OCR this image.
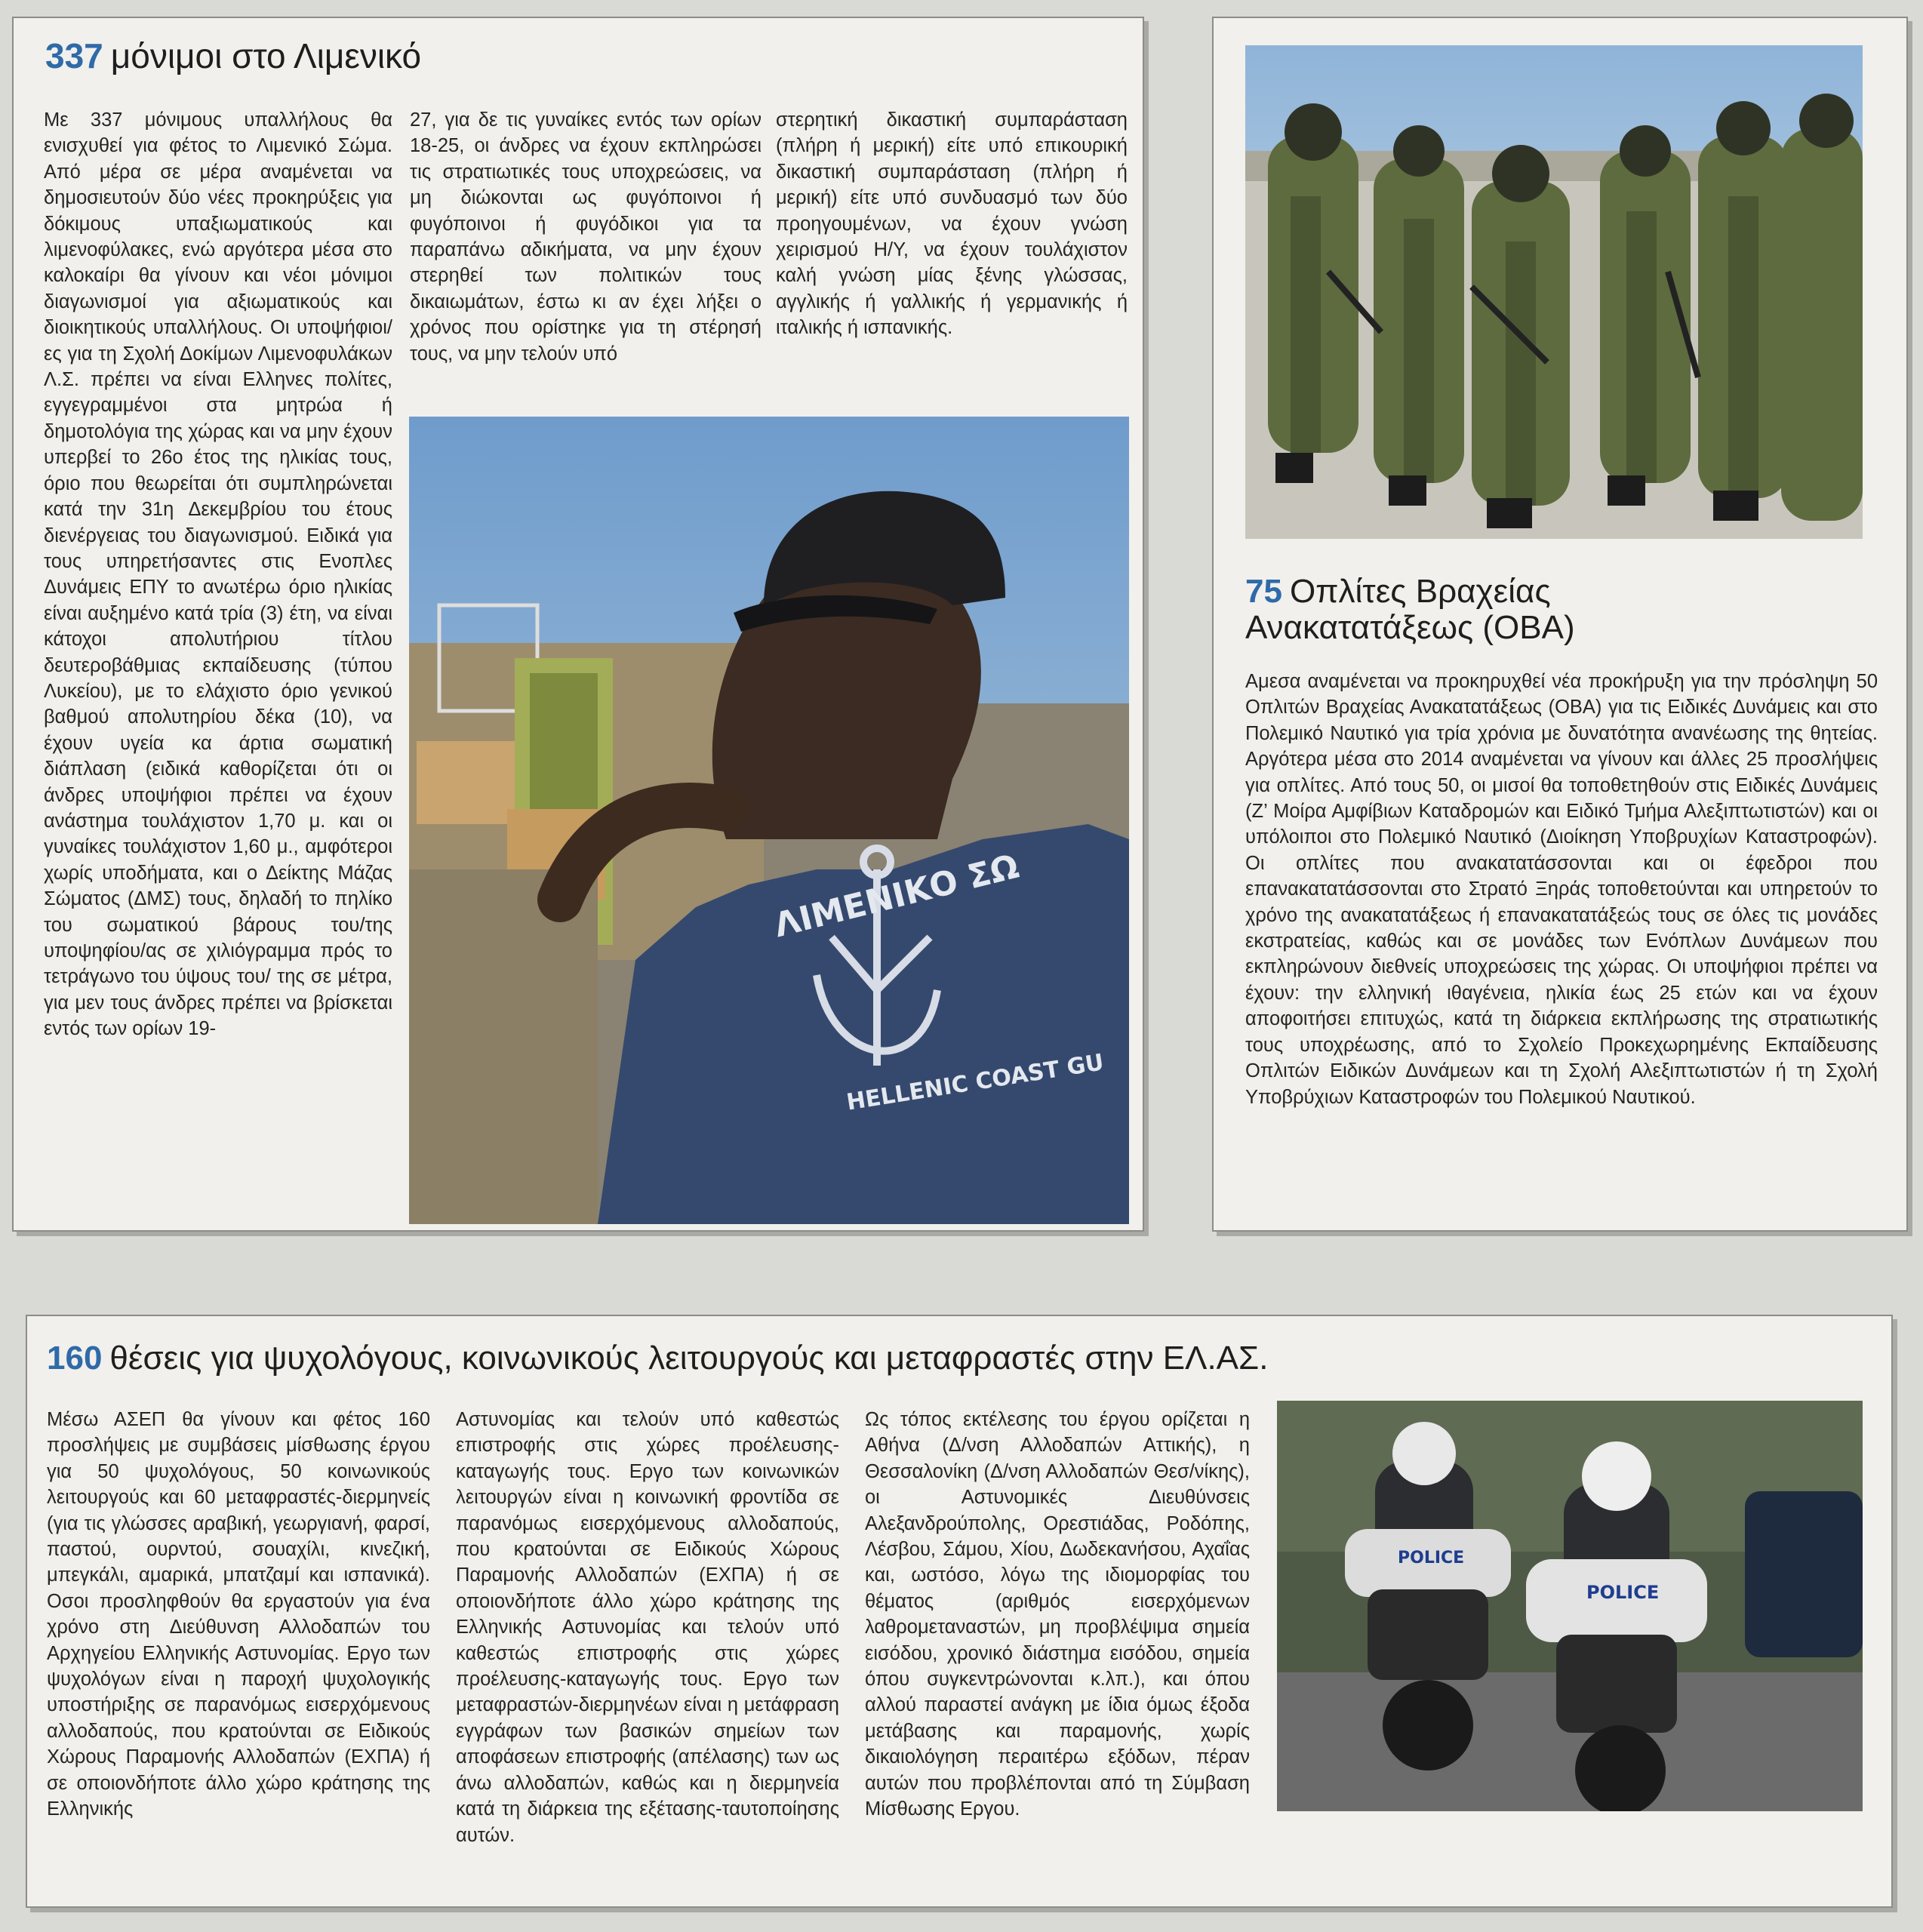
337 μόνιμοι στο Λιμενικό

Με 337 μόνιμους υπαλλήλους θα ενισχυθεί για φέτος το Λιμενικό Σώμα. Από μέρα σε μέρα αναμένεται να δημοσιευτούν δύο νέες προκηρύξεις για δόκιμους υπαξιωματικούς και λιμενοφύλακες, ενώ αργότερα μέσα στο καλοκαίρι θα γίνουν και νέοι μόνιμοι διαγωνισμοί για αξιωματικούς και διοικητικούς υπαλλήλους. Οι υποψήφιοι/ες για τη Σχολή Δοκίμων Λιμενοφυλάκων Λ.Σ. πρέπει να είναι Ελληνες πολίτες, εγγεγραμμένοι στα μητρώα ή δημοτολόγια της χώρας και να μην έχουν υπερβεί το 26ο έτος της ηλικίας τους, όριο που θεωρείται ότι συμπληρώνεται κατά την 31η Δεκεμβρίου του έτους διενέργειας του διαγωνισμού. Ειδικά για τους υπηρετήσαντες στις Ενοπλες Δυνάμεις ΕΠΥ το ανωτέρω όριο ηλικίας είναι αυξημένο κατά τρία (3) έτη, να είναι κάτοχοι απολυτήριου τίτλου δευτεροβάθμιας εκπαίδευσης (τύπου Λυκείου), με το ελάχιστο όριο γενικού βαθμού απολυτηρίου δέκα (10), να έχουν υγεία κα άρτια σωματική διάπλαση (ειδικά καθορίζεται ότι οι άνδρες υποψήφιοι πρέπει να έχουν ανάστημα τουλάχιστον 1,70 μ. και οι γυναίκες τουλάχιστον 1,60 μ., αμφότεροι χωρίς υποδήματα, και ο Δείκτης Μάζας Σώματος (ΔΜΣ) τους, δηλαδή το πηλίκο του σωματικού βάρους του/της υποψηφίου/ας σε χιλιόγραμμα πρός το τετράγωνο του ύψους του/ της σε μέτρα, για μεν τους άνδρες πρέπει να βρίσκεται εντός των ορίων 19-

27, για δε τις γυναίκες εντός των ορίων 18-25, οι άνδρες να έχουν εκπληρώσει τις στρατιωτικές τους υποχρεώσεις, να μη διώκονται ως φυγόποινοι ή φυγόποινοι ή φυγόδικοι για τα παραπάνω αδικήματα, να μην έχουν στερηθεί των πολιτικών τους δικαιωμάτων, έστω κι αν έχει λήξει ο χρόνος που ορίστηκε για τη στέρησή τους, να μην τελούν υπό

στερητική δικαστική συμπαράσταση (πλήρη ή μερική) είτε υπό επικουρική δικαστική συμπαράσταση (πλήρη ή μερική) είτε υπό συνδυασμό των δύο προηγουμένων, να έχουν γνώση χειρισμού Η/Υ, να έχουν τουλάχιστον καλή γνώση μίας ξένης γλώσσας, αγγλικής ή γαλλικής ή γερμανικής ή ιταλικής ή ισπανικής.

ΛΙΜΕΝΙΚΟ ΣΩ
HELLENIC COAST GU
75 Οπλίτες Βραχείας
Ανακατατάξεως (ΟΒΑ)

Αμεσα αναμένεται να προκηρυχθεί νέα προκήρυξη για την πρόσληψη 50 Οπλιτών Βραχείας Ανακατατάξεως (ΟΒΑ) για τις Ειδικές Δυνάμεις και στο Πολεμικό Ναυτικό για τρία χρόνια με δυνατότητα ανανέωσης της θητείας. Αργότερα μέσα στο 2014 αναμένεται να γίνουν και άλλες 25 προσλήψεις για οπλίτες. Από τους 50, οι μισοί θα τοποθετηθούν στις Ειδικές Δυνάμεις (Ζ’ Μοίρα Αμφίβιων Καταδρομών και Ειδικό Τμήμα Αλεξιπτωτιστών) και οι υπόλοιποι στο Πολεμικό Ναυτικό (Διοίκηση Υποβρυχίων Καταστροφών). Οι οπλίτες που ανακατατάσσονται και οι έφεδροι που επανακατατάσσονται στο Στρατό Ξηράς τοποθετούνται και υπηρετούν το χρόνο της ανακατατάξεως ή επανακατατάξεώς τους σε όλες τις μονάδες εκστρατείας, καθώς και σε μονάδες των Ενόπλων Δυνάμεων που εκπληρώνουν διεθνείς υποχρεώσεις της χώρας. Οι υποψήφιοι πρέπει να έχουν: την ελληνική ιθαγένεια, ηλικία έως 25 ετών και να έχουν αποφοιτήσει επιτυχώς, κατά τη διάρκεια εκπλήρωσης της στρατιωτικής τους υποχρέωσης, από το Σχολείο Προκεχωρημένης Εκπαίδευσης Οπλιτών Ειδικών Δυνάμεων και τη Σχολή Αλεξιπτωτιστών ή τη Σχολή Υποβρύχιων Καταστροφών του Πολεμικού Ναυτικού.

160 θέσεις για ψυχολόγους, κοινωνικούς λειτουργούς και μεταφραστές στην ΕΛ.ΑΣ.

Μέσω ΑΣΕΠ θα γίνουν και φέτος 160 προσλήψεις με συμβάσεις μίσθωσης έργου για 50 ψυχολόγους, 50 κοινωνικούς λειτουργούς και 60 μεταφραστές-διερμηνείς (για τις γλώσσες αραβική, γεωργιανή, φαρσί, παστού, ουρντού, σουαχίλι, κινεζική, μπεγκάλι, αμαρικά, μπατζαμί και ισπανικά). Οσοι προσληφθούν θα εργαστούν για ένα χρόνο στη Διεύθυνση Αλλοδαπών του Αρχηγείου Ελληνικής Αστυνομίας. Εργο των ψυχολόγων είναι η παροχή ψυχολογικής υποστήριξης σε παρανόμως εισερχόμενους αλλοδαπούς, που κρατούνται σε Ειδικούς Χώρους Παραμονής Αλλοδαπών (ΕΧΠΑ) ή σε οποιονδήποτε άλλο χώρο κράτησης της Ελληνικής

Αστυνομίας και τελούν υπό καθεστώς επιστροφής στις χώρες προέλευσης-καταγωγής τους. Εργο των κοινωνικών λειτουργών είναι η κοινωνική φροντίδα σε παρανόμως εισερχόμενους αλλοδαπούς, που κρατούνται σε Ειδικούς Χώρους Παραμονής Αλλοδαπών (ΕΧΠΑ) ή σε οποιονδήποτε άλλο χώρο κράτησης της Ελληνικής Αστυνομίας και τελούν υπό καθεστώς επιστροφής στις χώρες προέλευσης-καταγωγής τους. Εργο των μεταφραστών-διερμηνέων είναι η μετάφραση εγγράφων των βασικών σημείων των αποφάσεων επιστροφής (απέλασης) των ως άνω αλλοδαπών, καθώς και η διερμηνεία κατά τη διάρκεια της εξέτασης-ταυτοποίησης αυτών.

Ως τόπος εκτέλεσης του έργου ορίζεται η Αθήνα (Δ/νση Αλλοδαπών Αττικής), η Θεσσαλονίκη (Δ/νση Αλλοδαπών Θεσ/νίκης), οι Αστυνομικές Διευθύνσεις Αλεξανδρούπολης, Ορεστιάδας, Ροδόπης, Λέσβου, Σάμου, Χίου, Δωδεκανήσου, Αχαΐας και, ωστόσο, λόγω της ιδιομορφίας του θέματος (αριθμός εισερχόμενων λαθρομεταναστών, μη προβλέψιμα σημεία εισόδου, χρονικό διάστημα εισόδου, σημεία όπου συγκεντρώνονται κ.λπ.), και όπου αλλού παραστεί ανάγκη με ίδια όμως έξοδα μετάβασης και παραμονής, χωρίς δικαιολόγηση περαιτέρω εξόδων, πέραν αυτών που προβλέπονται από τη Σύμβαση Μίσθωσης Εργου.

POLICE
POLICE
